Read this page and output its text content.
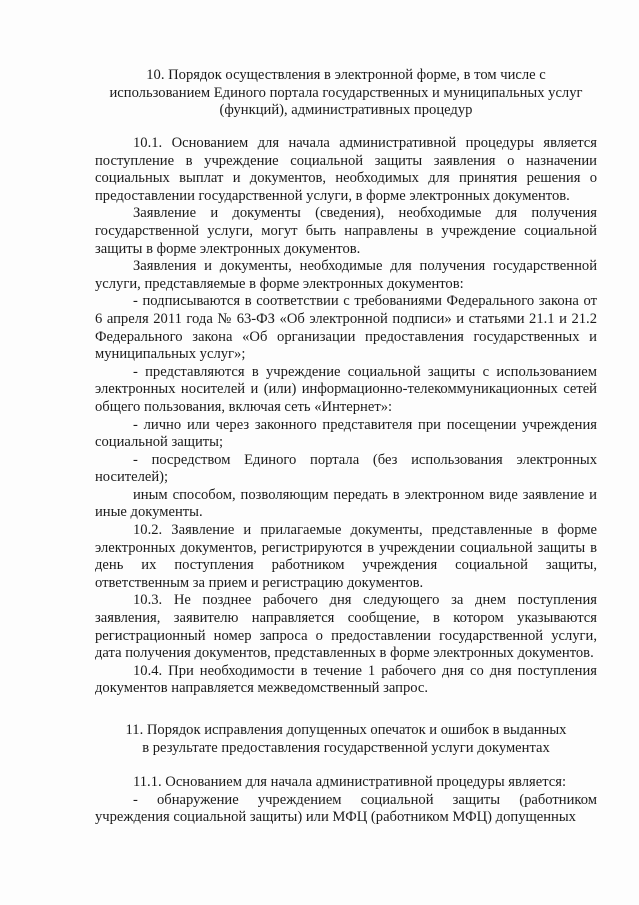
10. Порядок осуществления в электронной форме, в том числе с

использованием Единого портала государственных и муниципальных услуг

(функций), административных процедур

10.1. Основанием для начала административной процедуры является поступление в учреждение социальной защиты заявления о назначении социальных выплат и документов, необходимых для принятия решения о предоставлении государственной услуги, в форме электронных документов.

Заявление и документы (сведения), необходимые для получения государственной услуги, могут быть направлены в учреждение социальной защиты в форме электронных документов.

Заявления и документы, необходимые для получения государственной услуги, представляемые в форме электронных документов:

- подписываются в соответствии с требованиями Федерального закона от 6 апреля 2011 года № 63-ФЗ «Об электронной подписи» и статьями 21.1 и 21.2 Федерального закона «Об организации предоставления государственных и муниципальных услуг»;

- представляются в учреждение социальной защиты с использованием электронных носителей и (или) информационно-телекоммуникационных сетей общего пользования, включая сеть «Интернет»:

- лично или через законного представителя при посещении учреждения социальной защиты;

- посредством Единого портала (без использования электронных носителей);

иным способом, позволяющим передать в электронном виде заявление и иные документы.

10.2. Заявление и прилагаемые документы, представленные в форме электронных документов, регистрируются в учреждении социальной защиты в день их поступления работником учреждения социальной защиты, ответственным за прием и регистрацию документов.

10.3. Не позднее рабочего дня следующего за днем поступления заявления, заявителю направляется сообщение, в котором указываются регистрационный номер запроса о предоставлении государственной услуги, дата получения документов, представленных в форме электронных документов.

10.4. При необходимости в течение 1 рабочего дня со дня поступления документов направляется межведомственный запрос.

11. Порядок исправления допущенных опечаток и ошибок в выданных

в результате предоставления государственной услуги документах

11.1. Основанием для начала административной процедуры является:

- обнаружение учреждением социальной защиты (работником учреждения социальной защиты) или МФЦ (работником МФЦ) допущенных
